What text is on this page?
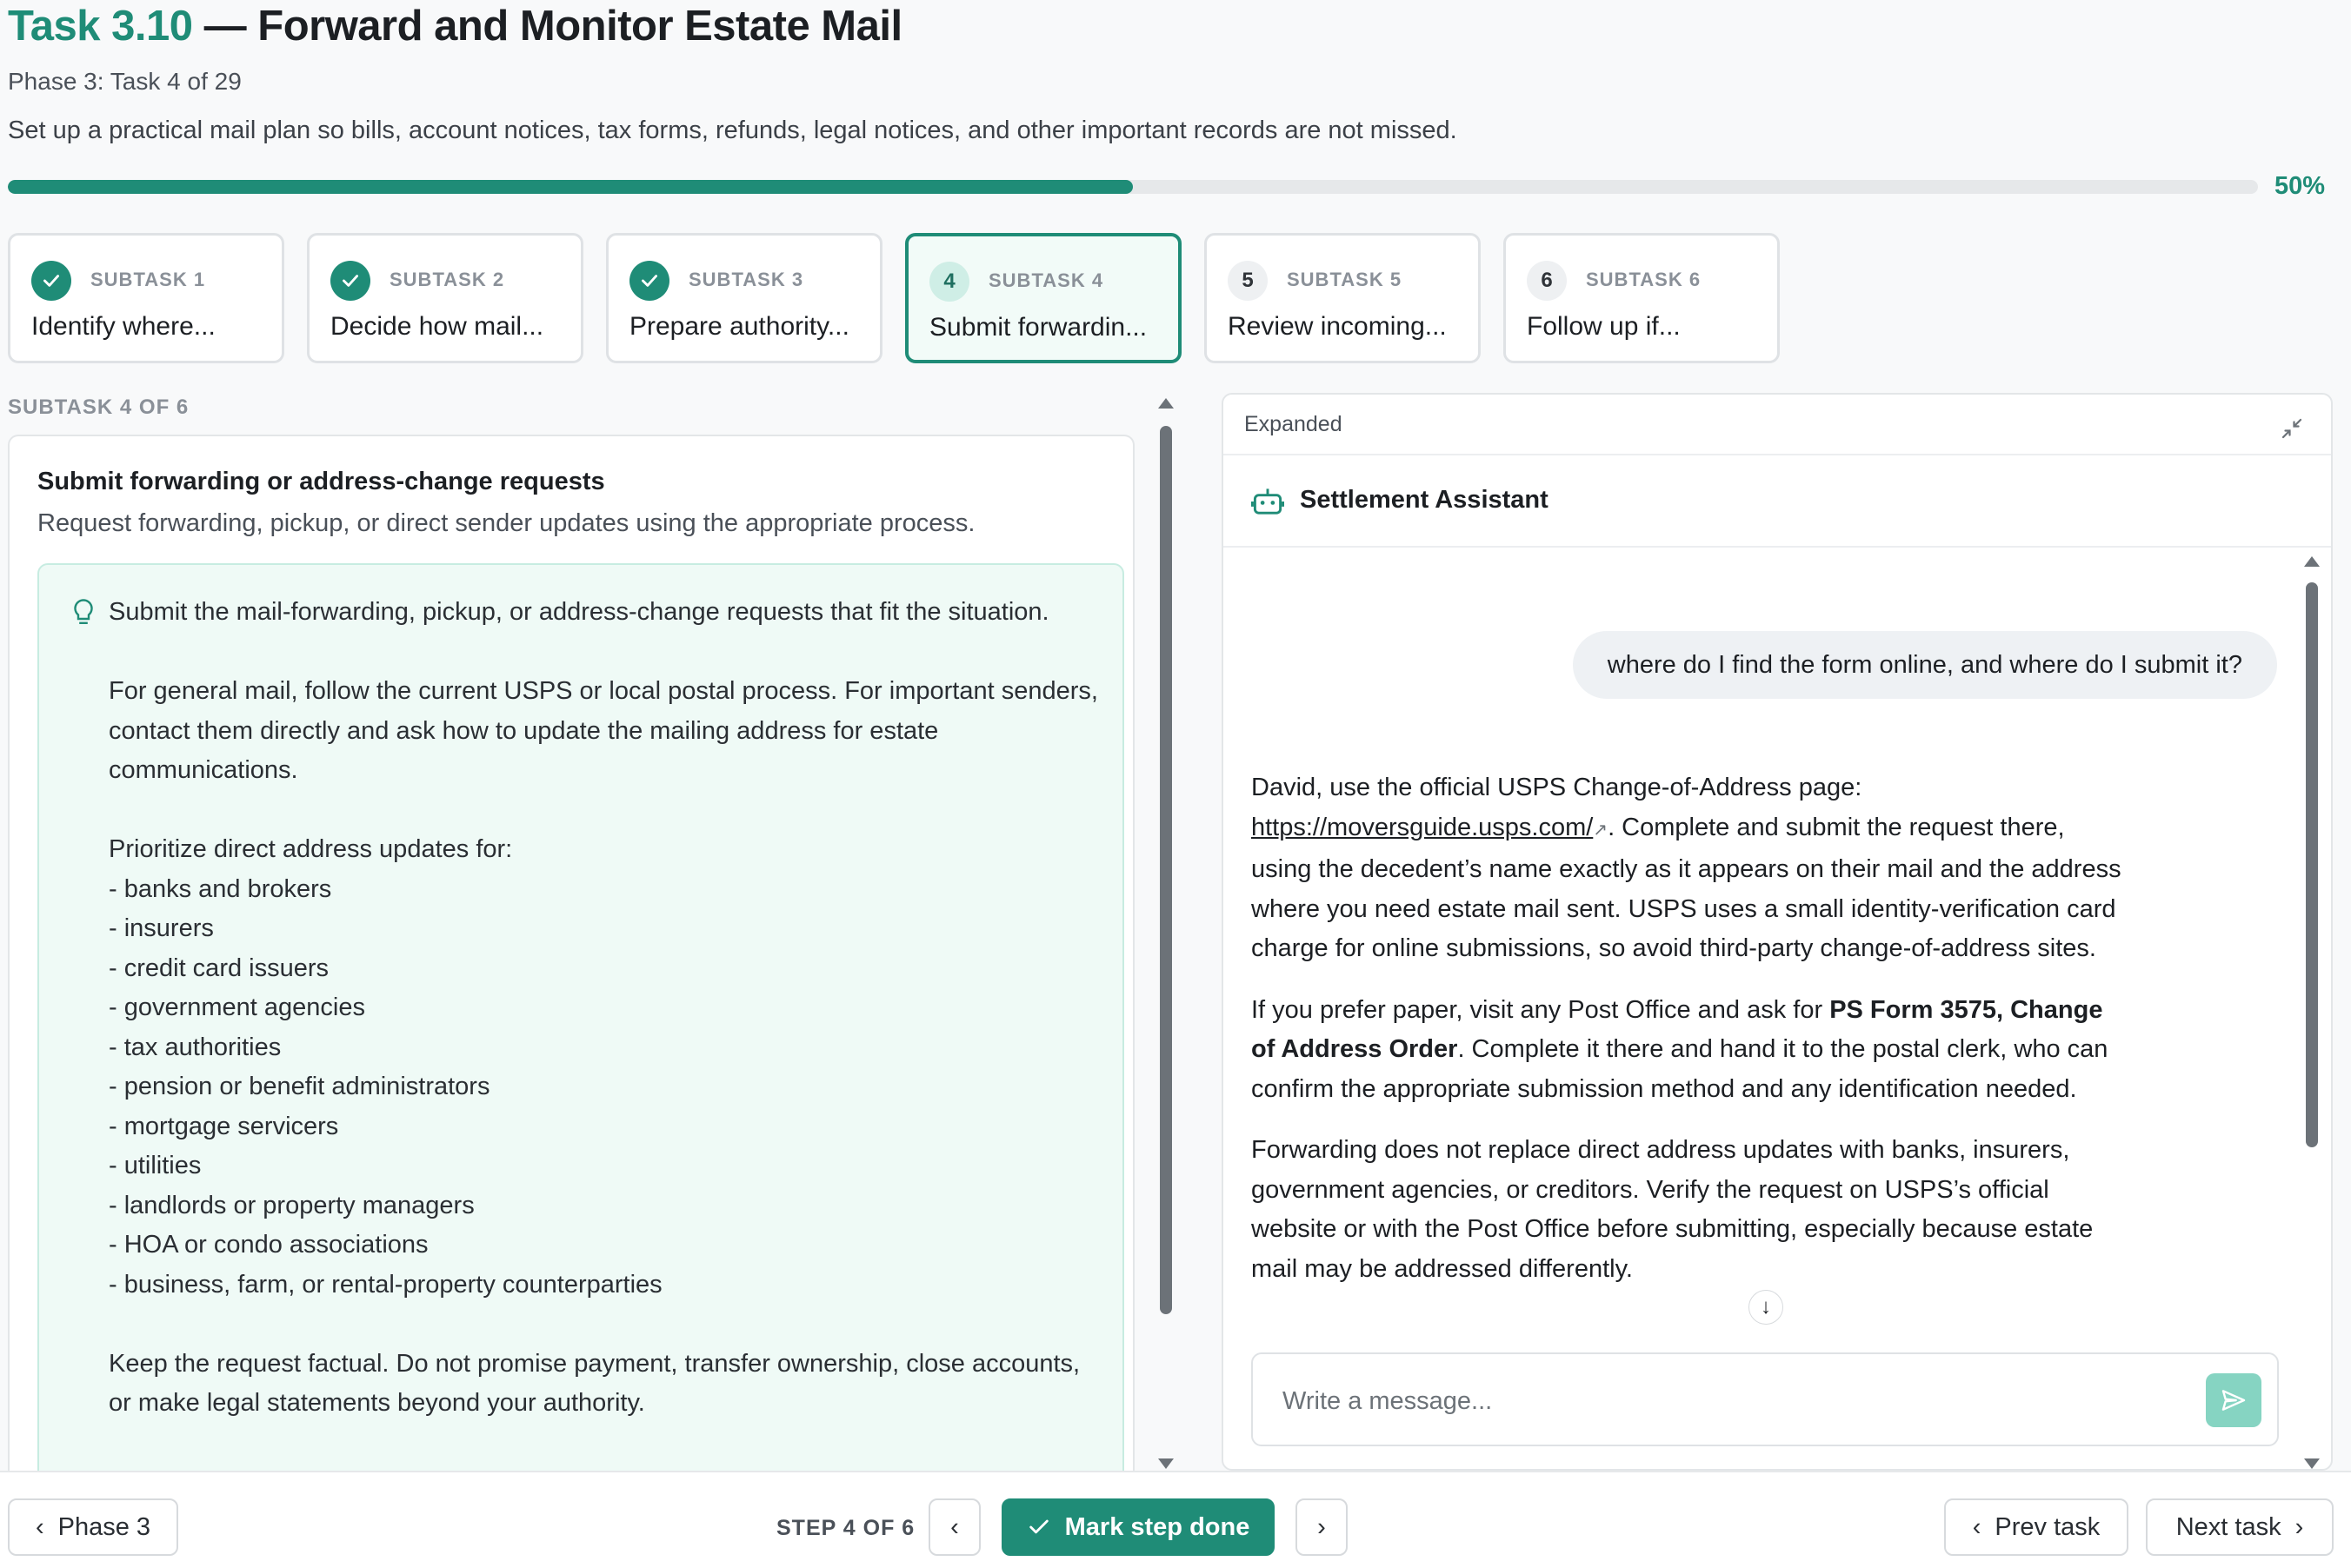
Task 3.10 — Forward and Monitor Estate Mail
Phase 3: Task 4 of 29
Set up a practical mail plan so bills, account notices, tax forms, refunds, legal notices, and other important records are not missed.
50%
SUBTASK 1
Identify where...
SUBTASK 2
Decide how mail...
SUBTASK 3
Prepare authority...
4	SUBTASK 4
Submit forwardin...
5	SUBTASK 5
Review incoming...
6	SUBTASK 6
Follow up if...
SUBTASK 4 OF 6
Submit forwarding or address-change requests
Request forwarding, pickup, or direct sender updates using the appropriate process.
Submit the mail-forwarding, pickup, or address-change requests that fit the situation.

For general mail, follow the current USPS or local postal process. For important senders, contact them directly and ask how to update the mailing address for estate communications.

Prioritize direct address updates for:
- banks and brokers
- insurers
- credit card issuers
- government agencies
- tax authorities
- pension or benefit administrators
- mortgage servicers
- utilities
- landlords or property managers
- HOA or condo associations
- business, farm, or rental-property counterparties

Keep the request factual. Do not promise payment, transfer ownership, close accounts, or make legal statements beyond your authority.
Expanded
Settlement Assistant
where do I find the form online, and where do I submit it?

David, use the official USPS Change-of-Address page: https://moversguide.usps.com/↗. Complete and submit the request there, using the decedent’s name exactly as it appears on their mail and the address where you need estate mail sent. USPS uses a small identity-verification card charge for online submissions, so avoid third-party change-of-address sites.

If you prefer paper, visit any Post Office and ask for PS Form 3575, Change of Address Order. Complete it there and hand it to the postal clerk, who can confirm the appropriate submission method and any identification needed.

Forwarding does not replace direct address updates with banks, insurers, government agencies, or creditors. Verify the request on USPS’s official website or with the Post Office before submitting, especially because estate mail may be addressed differently.

↓
Write a message...
‹ Phase 3	STEP 4 OF 6 ‹	Mark step done	›	‹ Prev task	Next task ›
